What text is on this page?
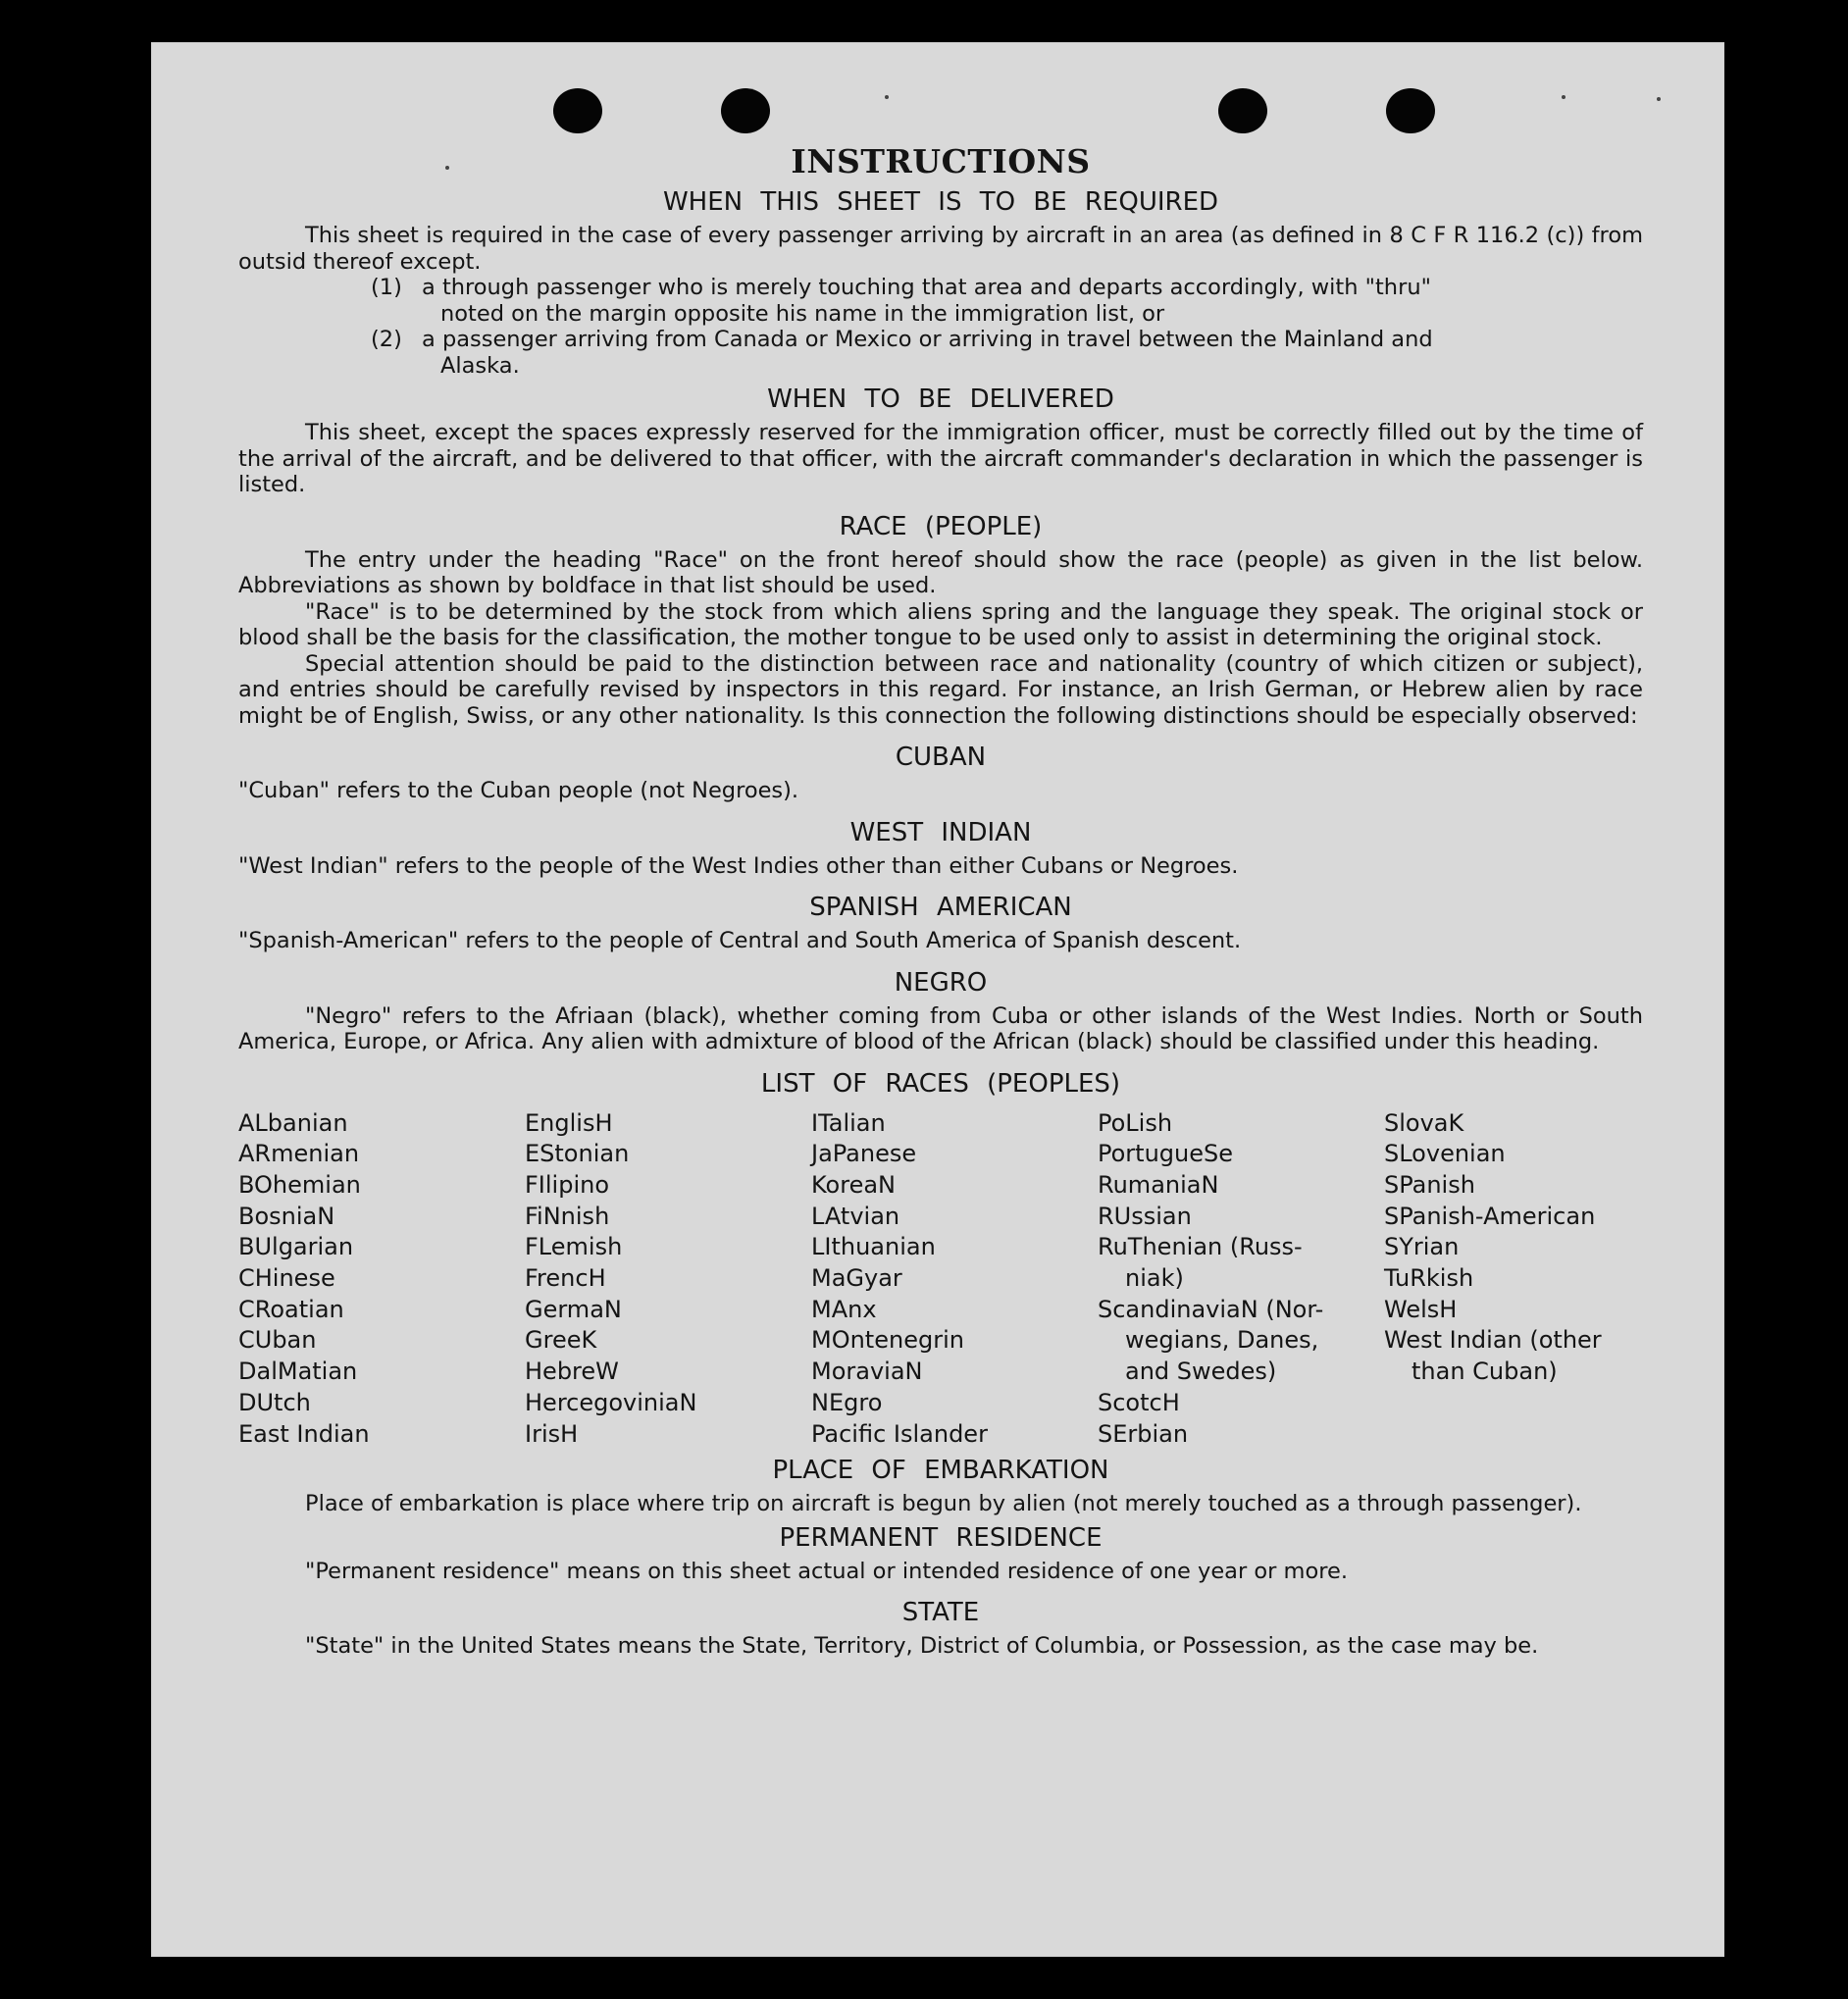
INSTRUCTIONS
WHEN THIS SHEET IS TO BE REQUIRED

This sheet is required in the case of every passenger arriving by aircraft in an area (as defined in 8 C F R 116.2 (c)) from outsid thereof except.

(1) a through passenger who is merely touching that area and departs accordingly, with "thru"
noted on the margin opposite his name in the immigration list, or
(2) a passenger arriving from Canada or Mexico or arriving in travel between the Mainland and
Alaska.
WHEN TO BE DELIVERED

This sheet, except the spaces expressly reserved for the immigration officer, must be correctly filled out by the time of the arrival of the aircraft, and be delivered to that officer, with the aircraft commander's declaration in which the passenger is listed.

RACE (PEOPLE)

The entry under the heading "Race" on the front hereof should show the race (people) as given in the list below. Abbreviations as shown by boldface in that list should be used.

"Race" is to be determined by the stock from which aliens spring and the language they speak. The original stock or blood shall be the basis for the classification, the mother tongue to be used only to assist in determining the original stock.

Special attention should be paid to the distinction between race and nationality (country of which citizen or subject), and entries should be carefully revised by inspectors in this regard. For instance, an Irish German, or Hebrew alien by race might be of English, Swiss, or any other nationality. Is this connection the following distinctions should be especially observed:

CUBAN

"Cuban" refers to the Cuban people (not Negroes).

WEST INDIAN

"West Indian" refers to the people of the West Indies other than either Cubans or Negroes.

SPANISH AMERICAN

"Spanish-American" refers to the people of Central and South America of Spanish descent.

NEGRO

"Negro" refers to the Afriaan (black), whether coming from Cuba or other islands of the West Indies. North or South America, Europe, or Africa. Any alien with admixture of blood of the African (black) should be classified under this heading.

LIST OF RACES (PEOPLES)
ALbanian
ARmenian
BOhemian
BosniaN
BUlgarian
CHinese
CRoatian
CUban
DalMatian
DUtch
East Indian
EnglisH
EStonian
FIlipino
FiNnish
FLemish
FrencH
GermaN
GreeK
HebreW
HercegoviniaN
IrisH
ITalian
JaPanese
KoreaN
LAtvian
LIthuanian
MaGyar
MAnx
MOntenegrin
MoraviaN
NEgro
Pacific Islander
PoLish
PortugueSe
RumaniaN
RUssian
RuThenian (Russ-
niak)
ScandinaviaN (Nor-
wegians, Danes,
and Swedes)
ScotcH
SErbian
SlovaK
SLovenian
SPanish
SPanish-American
SYrian
TuRkish
WelsH
West Indian (other
than Cuban)
PLACE OF EMBARKATION

Place of embarkation is place where trip on aircraft is begun by alien (not merely touched as a through passenger).

PERMANENT RESIDENCE

"Permanent residence" means on this sheet actual or intended residence of one year or more.

STATE

"State" in the United States means the State, Territory, District of Columbia, or Possession, as the case may be.
